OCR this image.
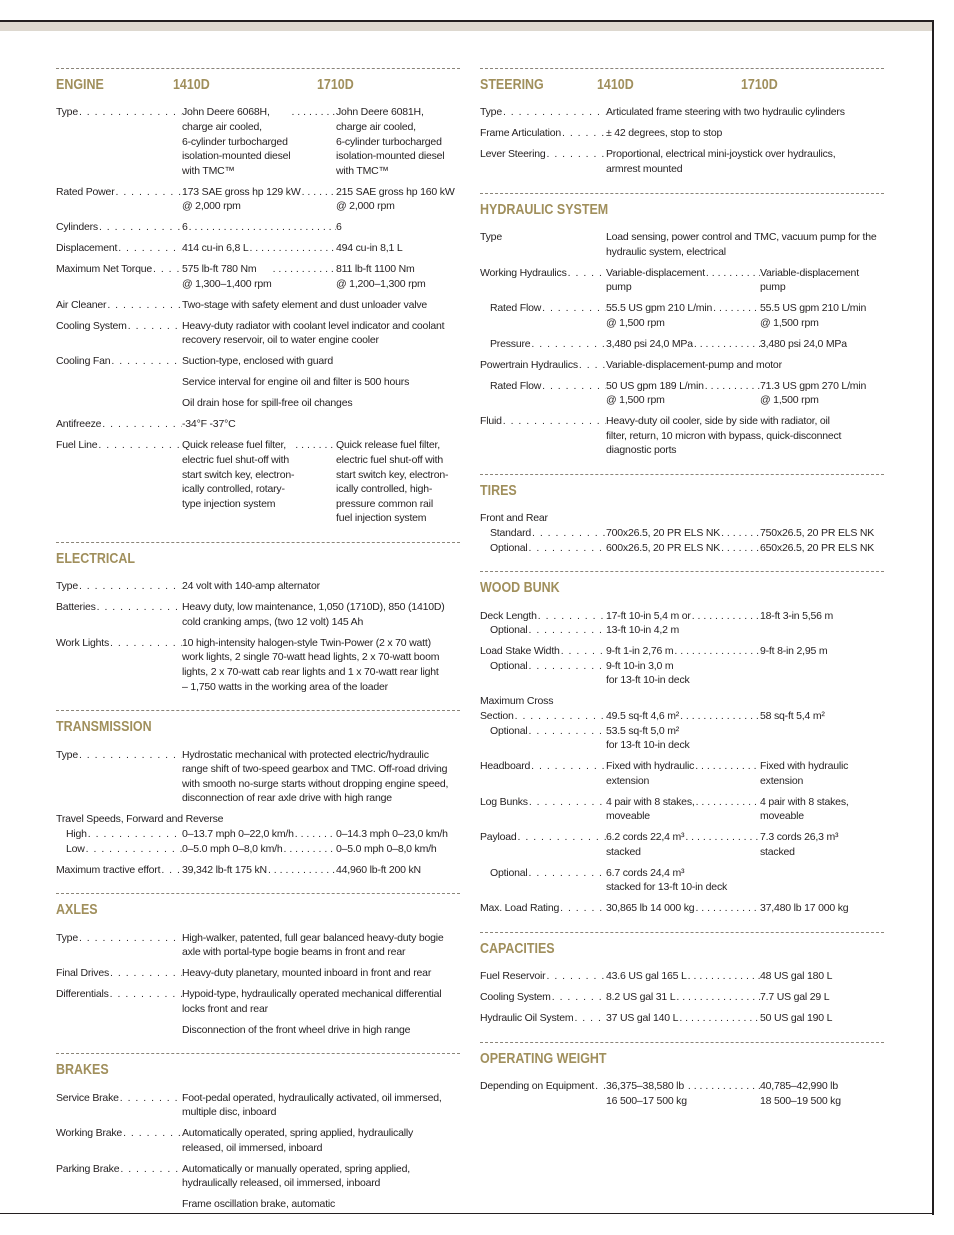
ENGINE	1410D	1710D
Type . . .	John Deere 6068H,
charge air cooled,
6-cylinder turbocharged
isolation-mounted diesel
with TMC™
. . .
John Deere 6081H,
charge air cooled,
6-cylinder turbocharged
isolation-mounted diesel
with TMC™
Rated Power . . .	173 SAE gross hp 129 kW
@ 2,000 rpm
. . .
215 SAE gross hp 160 kW
@ 2,000 rpm
Cylinders . . .	6 . . .	6
Displacement . . .	414 cu-in 6,8 L . . .	494 cu-in 8,1 L
Maximum Net Torque . . .	575 lb-ft 780 Nm
@ 1,300–1,400 rpm
. . .
811 lb-ft 1100 Nm
@ 1,200–1,300 rpm
Air Cleaner . . .	Two-stage with safety element and dust unloader valve
Cooling System . . .	Heavy-duty radiator with coolant level indicator and coolant
recovery reservoir, oil to water engine cooler
Cooling Fan . . .	Suction-type, enclosed with guard
Service interval for engine oil and filter is 500 hours
Oil drain hose for spill-free oil changes
Antifreeze . . .	-34°F -37°C
Fuel Line . . .	Quick release fuel filter,
electric fuel shut-off with
start switch key, electron-
ically controlled, rotary-
type injection system
. . .
Quick release fuel filter,
electric fuel shut-off with
start switch key, electron-
ically controlled, high-
pressure common rail
fuel injection system
ELECTRICAL
Type . . .	24 volt with 140-amp alternator
Batteries . . .	Heavy duty, low maintenance, 1,050 (1710D), 850 (1410D)
cold cranking amps, (two 12 volt) 145 Ah
Work Lights . . .	10 high-intensity halogen-style Twin-Power (2 x 70 watt)
work lights, 2 single 70-watt head lights, 2 x 70-watt boom
lights, 2 x 70-watt cab rear lights and 1 x 70-watt rear light
– 1,750 watts in the working area of the loader
TRANSMISSION
Type . . .	Hydrostatic mechanical with protected electric/hydraulic
range shift of two-speed gearbox and TMC. Off-road driving
with smooth no-surge starts without dropping engine speed,
disconnection of rear axle drive with high range
Travel Speeds, Forward and Reverse
High . . .	0–13.7 mph 0–22,0 km/h . . .	0–14.3 mph 0–23,0 km/h
Low . . .	0–5.0 mph 0–8,0 km/h . . .	0–5.0 mph 0–8,0 km/h
Maximum tractive effort . . . 39,342 lb-ft 175 kN . . .	44,960 lb-ft 200 kN
AXLES
Type . . .	High-walker, patented, full gear balanced heavy-duty bogie
axle with portal-type bogie beams in front and rear
Final Drives . . .	Heavy-duty planetary, mounted inboard in front and rear
Differentials . . .	Hypoid-type, hydraulically operated mechanical differential
locks front and rear
Disconnection of the front wheel drive in high range
BRAKES
Service Brake . . .	Foot-pedal operated, hydraulically activated, oil immersed,
multiple disc, inboard
Working Brake . . .	Automatically operated, spring applied, hydraulically
released, oil immersed, inboard
Parking Brake . . .	Automatically or manually operated, spring applied,
hydraulically released, oil immersed, inboard
Frame oscillation brake, automatic
STEERING	1410D	1710D
Type . . .	Articulated frame steering with two hydraulic cylinders
Frame Articulation . . .	± 42 degrees, stop to stop
Lever Steering . . .	Proportional, electrical mini-joystick over hydraulics,
armrest mounted
HYDRAULIC SYSTEM
Type	Load sensing, power control and TMC, vacuum pump for the
hydraulic system, electrical
Working Hydraulics . . .	Variable-displacement
pump
. . .
Variable-displacement
pump
Rated Flow . . .	55.5 US gpm 210 L/min
@ 1,500 rpm
. . .
55.5 US gpm 210 L/min
@ 1,500 rpm
Pressure . . .	3,480 psi 24,0 MPa . . .	3,480 psi 24,0 MPa
Powertrain Hydraulics . . .	Variable-displacement-pump and motor
Rated Flow . . .	50 US gpm 189 L/min
@ 1,500 rpm
. . .
71.3 US gpm 270 L/min
@ 1,500 rpm
Fluid . . .	Heavy-duty oil cooler, side by side with radiator, oil
filter, return, 10 micron with bypass, quick-disconnect
diagnostic ports
TIRES
Front and Rear
Standard . . .	700x26.5, 20 PR ELS NK . . .	750x26.5, 20 PR ELS NK
Optional . . .	600x26.5, 20 PR ELS NK . . .	650x26.5, 20 PR ELS NK
WOOD BUNK
Deck Length . . .	17-ft 10-in 5,4 m or . . .	18-ft 3-in 5,56 m
Optional . . .	13-ft 10-in 4,2 m
Load Stake Width . . .	9-ft 1-in 2,76 m . . .	9-ft 8-in 2,95 m
Optional . . .	9-ft 10-in 3,0 m
for 13-ft 10-in deck
Maximum Cross
Section . . .	49.5 sq-ft 4,6 m² . . .	58 sq-ft 5,4 m²
Optional . . .	53.5 sq-ft 5,0 m²
for 13-ft 10-in deck
Headboard . . .	Fixed with hydraulic
extension
. . .
Fixed with hydraulic
extension
Log Bunks . . .	4 pair with 8 stakes,
moveable
. . .
4 pair with 8 stakes,
moveable
Payload . . .	6.2 cords 22,4 m³
stacked
. . .
7.3 cords 26,3 m³
stacked
Optional . . .	6.7 cords 24,4 m³
stacked for 13-ft 10-in deck
Max. Load Rating . . .	30,865 lb 14 000 kg . . .	37,480 lb 17 000 kg
CAPACITIES
Fuel Reservoir . . .	43.6 US gal 165 L . . .	48 US gal 180 L
Cooling System . . .	8.2 US gal 31 L . . .	7.7 US gal 29 L
Hydraulic Oil System . . .	37 US gal 140 L . . .	50 US gal 190 L
OPERATING WEIGHT
Depending on Equipment . . . 36,375–38,580 lb
16 500–17 500 kg
. . .
40,785–42,990 lb
18 500–19 500 kg
